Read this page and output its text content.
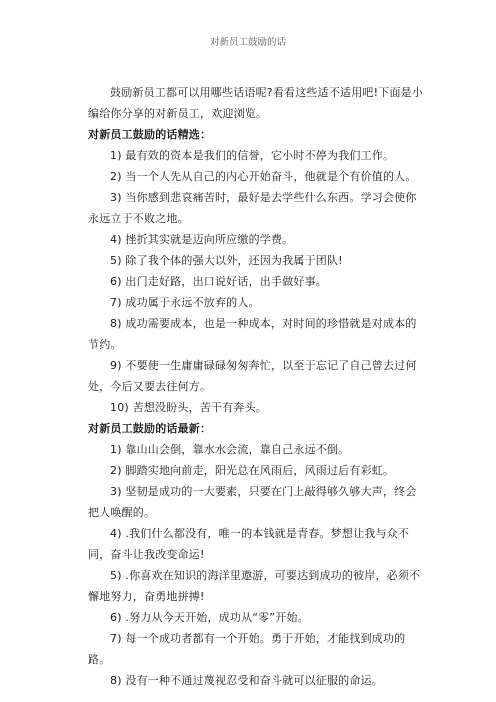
对新员工鼓励的话

鼓励新员工都可以用哪些话语呢?看看这些适不适用吧!下面是小编给你分享的对新员工，欢迎浏览。

对新员工鼓励的话精选：

1) 最有效的资本是我们的信誉，它小时不停为我们工作。

2) 当一个人先从自己的内心开始奋斗，他就是个有价值的人。

3) 当你感到悲哀痛苦时，最好是去学些什么东西。学习会使你永远立于不败之地。

4) 挫折其实就是迈向所应缴的学费。

5) 除了我个体的强大以外，还因为我属于团队!

6) 出门走好路，出口说好话，出手做好事。

7) 成功属于永远不放弃的人。

8) 成功需要成本，也是一种成本，对时间的珍惜就是对成本的节约。

9) 不要使一生庸庸碌碌匆匆奔忙，以至于忘记了自己曾去过何处，今后又要去往何方。

10) 苦想没盼头，苦干有奔头。

对新员工鼓励的话最新：

1) 靠山山会倒，靠水水会流，靠自己永远不倒。

2) 脚踏实地向前走，阳光总在风雨后，风雨过后有彩虹。

3) 坚韧是成功的一大要素，只要在门上敲得够久够大声，终会把人唤醒的。

4) .我们什么都没有，唯一的本钱就是青春。梦想让我与众不同，奋斗让我改变命运!

5) .你喜欢在知识的海洋里遨游，可要达到成功的彼岸，必须不懈地努力，奋勇地拼搏!

6) .努力从今天开始，成功从“零”开始。

7) 每一个成功者都有一个开始。勇于开始，才能找到成功的路。

8) 没有一种不通过蔑视忍受和奋斗就可以征服的命运。
